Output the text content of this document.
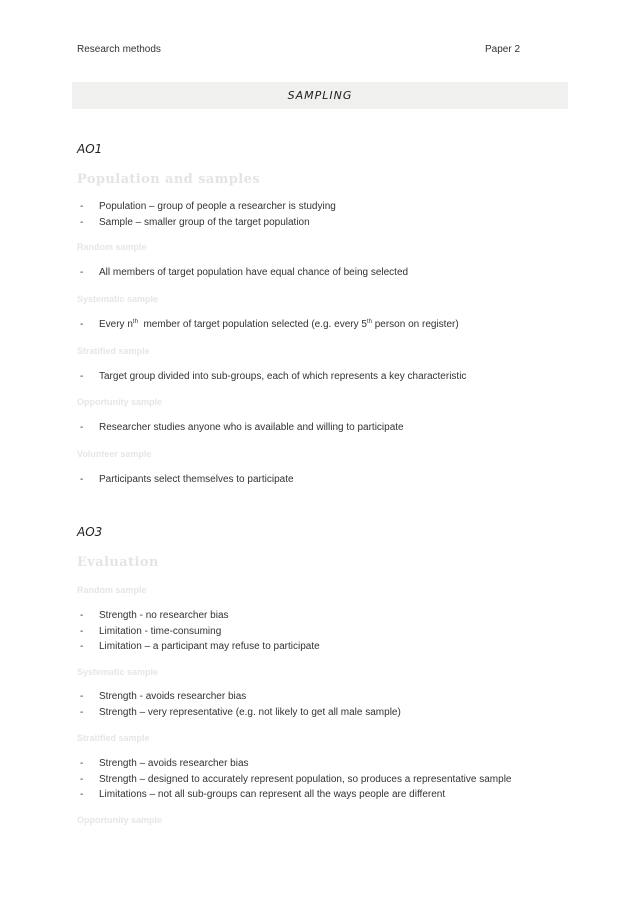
Research methods	Paper 2
SAMPLING
AO1
Population and samples
- Population – group of people a researcher is studying
- Sample – smaller group of the target population
Random sample
- All members of target population have equal chance of being selected
Systematic sample
- Every $n^{th}$  member of target population selected (e.g. every 5th person on register)
Stratified sample
- Target group divided into sub-groups, each of which represents a key characteristic
Opportunity sample
- Researcher studies anyone who is available and willing to participate
Volunteer sample
- Participants select themselves to participate
AO3
Evaluation
Random sample
- Strength - no researcher bias
- Limitation - time-consuming
- Limitation – a participant may refuse to participate
Systematic sample
- Strength - avoids researcher bias
- Strength – very representative (e.g. not likely to get all male sample)
Stratified sample
- Strength – avoids researcher bias
- Strength – designed to accurately represent population, so produces a representative sample
- Limitations – not all sub-groups can represent all the ways people are different
Opportunity sample
